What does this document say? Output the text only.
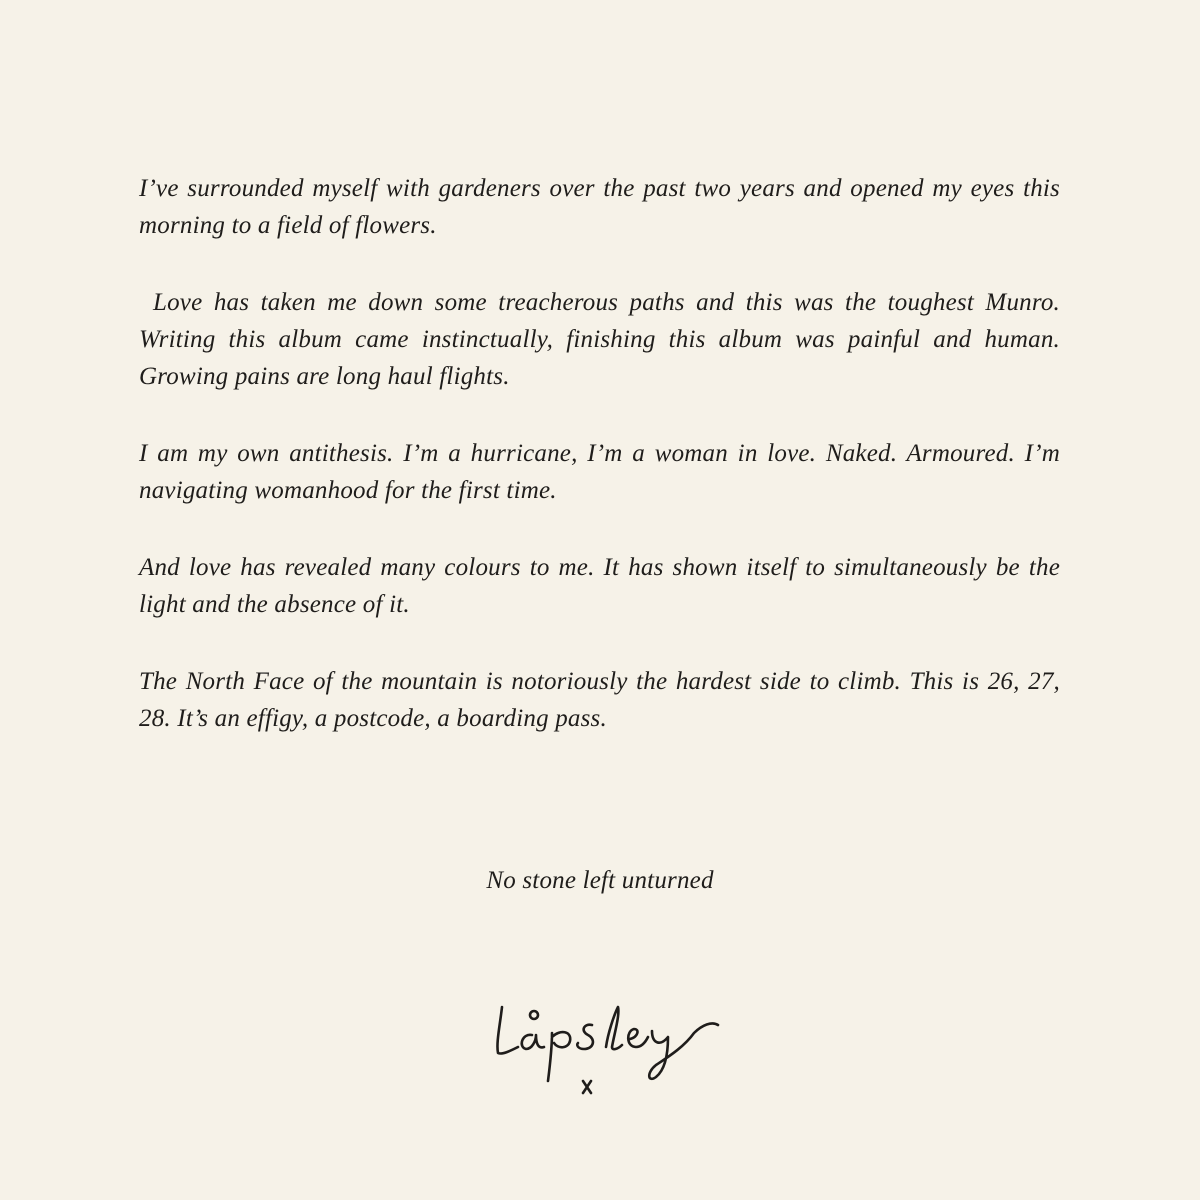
I’ve surrounded myself with gardeners over the past two years and opened my eyes this morning to a field of flowers.

Love has taken me down some treacherous paths and this was the toughest Munro. Writing this album came instinctually, finishing this album was painful and human. Growing pains are long haul flights.

I am my own antithesis. I’m a hurricane, I’m a woman in love. Naked. Armoured. I’m navigating womanhood for the first time.

And love has revealed many colours to me. It has shown itself to simultaneously be the light and the absence of it.

The North Face of the mountain is notoriously the hardest side to climb. This is 26, 27, 28. It’s an effigy, a postcode, a boarding pass.

No stone left unturned
